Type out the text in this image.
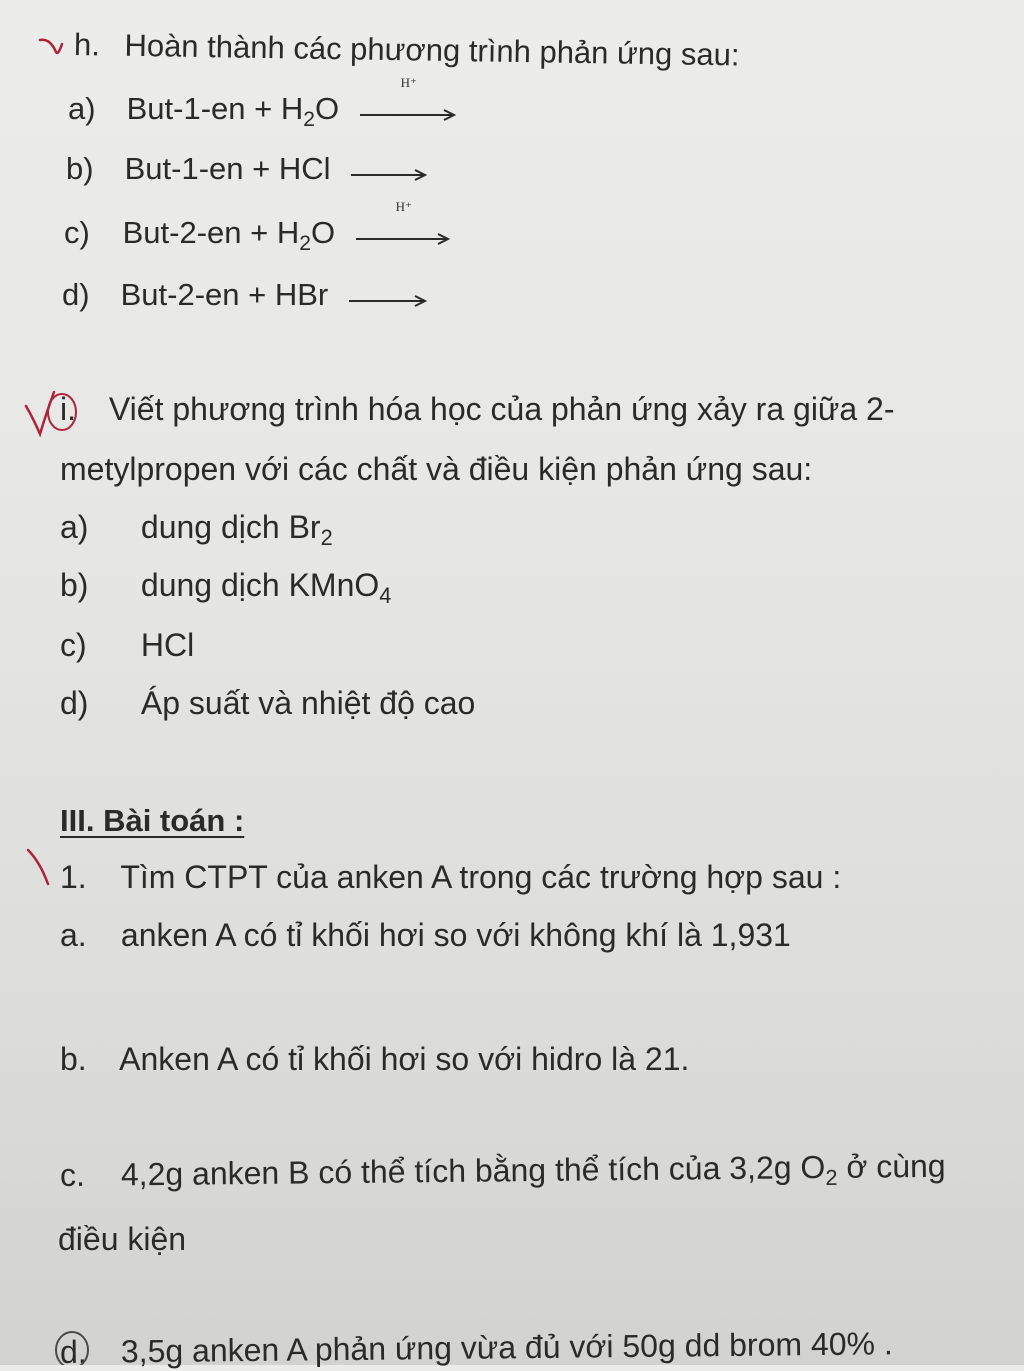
h. Hoàn thành các phương trình phản ứng sau:
a) $But-1-en + H_2O$
H⁺
b) But-1-en + HCl →
c) $But-2-en + H_2O$
H⁺
d) But-2-en + HBr →
i. Viết phương trình hóa học của phản ứng xảy ra giữa 2-
metylpropen với các chất và điều kiện phản ứng sau:
a) dung dịch $Br_2$
b) dung dịch KMnO$_4$
c) HCl
d) Áp suất và nhiệt độ cao
III. Bài toán :
1. Tìm CTPT của anken A trong các trường hợp sau :
a. anken A có tỉ khối hơi so với không khí là 1,931
b. Anken A có tỉ khối hơi so với hidro là 21.
c. 4,2g anken B có thể tích bằng thể tích của 3,2g $O_2$ ở cùng
điều kiện
d. 3,5g anken A phản ứng vừa đủ với 50g dd brom 40% .
